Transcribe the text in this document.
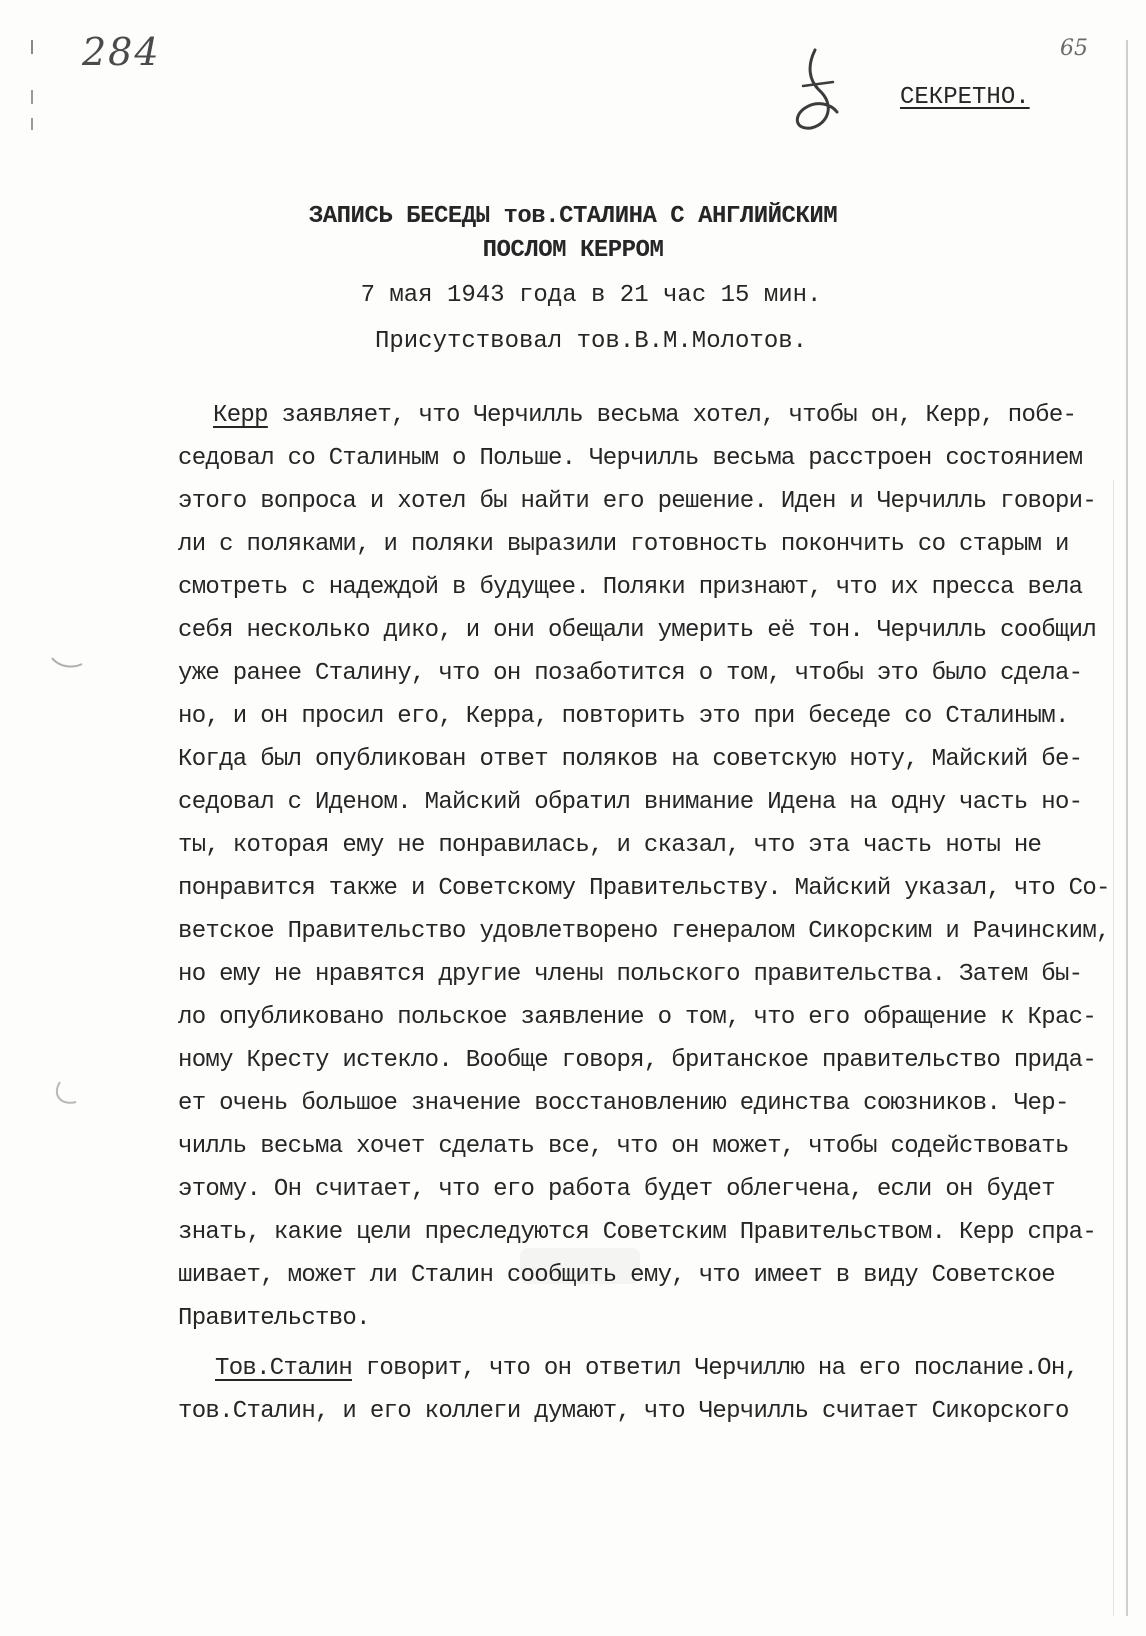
284	65
СЕКРЕТНО.
ЗАПИСЬ БЕСЕДЫ тов.СТАЛИНА С АНГЛИЙСКИМ
ПОСЛОМ КЕРРОМ
7 мая 1943 года в 21 час 15 мин.
Присутствовал тов.В.М.Молотов.
Керр заявляет, что Черчилль весьма хотел, чтобы он, Керр, побе-
седовал со Сталиным о Польше. Черчилль весьма расстроен состоянием
этого вопроса и хотел бы найти его решение. Иден и Черчилль говори-
ли с поляками, и поляки выразили готовность покончить со старым и
смотреть с надеждой в будущее. Поляки признают, что их пресса вела
себя несколько дико, и они обещали умерить её тон. Черчилль сообщил
уже ранее Сталину, что он позаботится о том, чтобы это было сдела-
но, и он просил его, Керра, повторить это при беседе со Сталиным.
Когда был опубликован ответ поляков на советскую ноту, Майский бе-
седовал с Иденом. Майский обратил внимание Идена на одну часть но-
ты, которая ему не понравилась, и сказал, что эта часть ноты не
понравится также и Советскому Правительству. Майский указал, что Со-
ветское Правительство удовлетворено генералом Сикорским и Рачинским,
но ему не нравятся другие члены польского правительства. Затем бы-
ло опубликовано польское заявление о том, что его обращение к Крас-
ному Кресту истекло. Вообще говоря, британское правительство прида-
ет очень большое значение восстановлению единства союзников. Чер-
чилль весьма хочет сделать все, что он может, чтобы содействовать
этому. Он считает, что его работа будет облегчена, если он будет
знать, какие цели преследуются Советским Правительством. Керр спра-
шивает, может ли Сталин сообщить ему, что имеет в виду Советское
Правительство.
Тов.Сталин говорит, что он ответил Черчиллю на его послание.Он,
тов.Сталин, и его коллеги думают, что Черчилль считает Сикорского
